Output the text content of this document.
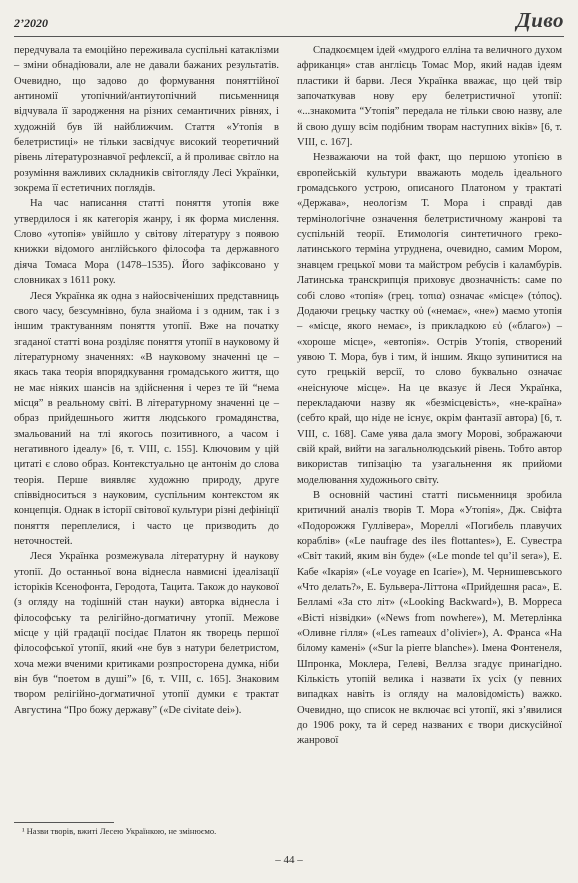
2’2020	Диво

передчувала та емоційно переживала суспільні катаклізми – зміни обнадіювали, але не давали бажаних результатів. Очевидно, що задово до формування поняттійної антиномії утопічний/антиутопічний письменниця відчувала її зародження на різних семантичних рівнях, і художній був їй найближчим. Стаття «Утопія в белетристиці» не тільки засвідчує високий теоретичний рівень літературознавчої рефлексії, а й проливає світло на розуміння важливих складників світогляду Лесі Українки, зокрема її естетичних поглядів.

На час написання статті поняття утопія вже утвердилося і як категорія жанру, і як форма мислення. Слово «утопія» увійшло у світову літературу з появою книжки відомого англійського філософа та державного діяча Томаса Мора (1478–1535). Його зафіксовано у словниках з 1611 року.

Леся Українка як одна з найосвіченіших представниць свого часу, безсумнівно, була знайома і з одним, так і з іншим трактуванням поняття утопії. Вже на початку згаданої статті вона розділяє поняття утопії в науковому й літературному значеннях: «В науковому значенні це – якась така теорія впорядкування громадського життя, що не має ніяких шансів на здійснення і через те їй “нема місця” в реальному світі. В літературному значенні це – образ прийдешнього життя людського громадянства, змальований на тлі якогось позитивного, а часом і негативного ідеалу» [6, т. VIII, с. 155]. Ключовим у цій цитаті є слово образ. Контекстуально це антонім до слова теорія. Перше виявляє художню природу, друге співвідноситься з науковим, суспільним контекстом як концепція. Однак в історії світової культури різні дефініції поняття переплелися, і часто це призводить до неточностей.

Леся Українка розмежувала літературну й наукову утопії. До останньої вона віднесла навмисні ідеалізації історіків Ксенофонта, Геродота, Тацита. Також до наукової (з огляду на тодішній стан науки) авторка віднесла і філософську та релігійно-догматичну утопії. Межове місце у цій градації посідає Платон як творець першої філософської утопії, який «не був з натури белетристом, хоча межи вченими критиками розпросторена думка, ніби він був “поетом в душі”» [6, т. VIII, с. 165]. Знаковим твором релігійно-догматичної утопії думки є трактат Августина “Про божу державу” («De civitate dei»).

Спадкоємцем ідей «мудрого елліна та величного духом африканця» став англієць Томас Мор, який надав ідеям пластики й барви. Леся Українка вважає, що цей твір започаткував нову еру белетристичної утопії: «...знакомита “Утопія” передала не тільки свою назву, але й свою душу всім подібним творам наступних віків» [6, т. VIII, с. 167].

Незважаючи на той факт, що першою утопією в європейській культури вважають модель ідеального громадського устрою, описаного Платоном у трактаті «Держава», неологізм Т. Мора і справді дав термінологічне означення белетристичному жанрові та суспільній теорії. Етимологія синтетичного греко-латинського терміна утруднена, очевидно, самим Мором, знавцем грецької мови та майстром ребусів і каламбурів. Латинська транскрипція приховує двозначність: саме по собі слово «топія» (грец. τοπια) означає «місце» (τόπος). Додаючи грецьку частку οὐ («немає», «не») маємо утопія – «місце, якого немає», із прикладкою εὐ («благо») – «хороше місце», «евтопія». Острів Утопія, створений уявою Т. Мора, був і тим, й іншим. Якщо зупинитися на суто грецькій версії, то слово буквально означає «неіснуюче місце». На це вказує й Леся Українка, перекладаючи назву як «безмісцевість», «не-країна» (себто край, що ніде не існує, окрім фантазії автора) [6, т. VIII, с. 168]. Саме уява дала змогу Морові, зображаючи свій край, вийти на загальнолюдський рівень. Тобто автор використав типізацію та узагальнення як прийоми моделювання художнього світу.

В основній частині статті письменниця зробила критичний аналіз творів Т. Мора «Утопія», Дж. Свіфта «Подорожжя Гуллівера», Мореллі «Погибель плавучих кораблів» («Le naufrage des iles flottantes»), Е. Сувестра «Світ такий, яким він буде» («Le monde tel qu’il sera»), Е. Кабе «Ікарія» («Le voyage en Icarie»), М. Чернишевського «Что делать?», Е. Бульвера-Літтона «Прийдешня раса», Е. Белламі «За сто літ» («Looking Backward»), В. Морреса «Вісті нізвідки» («News from nowhere»), М. Метерлінка «Оливне гілля» («Les rameaux d’olivier»), А. Франса «На білому камені» («Sur la pierre blanche»). Імена Фонтенеля, Шпронка, Моклера, Гелеві, Веллза згадує принагідно. Кількість утопій велика і назвати їх усіх (у певних випадках навіть із огляду на маловідомість) важко. Очевидно, що список не включає всі утопії, які з’явилися до 1906 року, та й серед названих є твори дискусійної жанрової

¹ Назви творів, вжиті Лесею Українкою, не змінюємо.
– 44 –
